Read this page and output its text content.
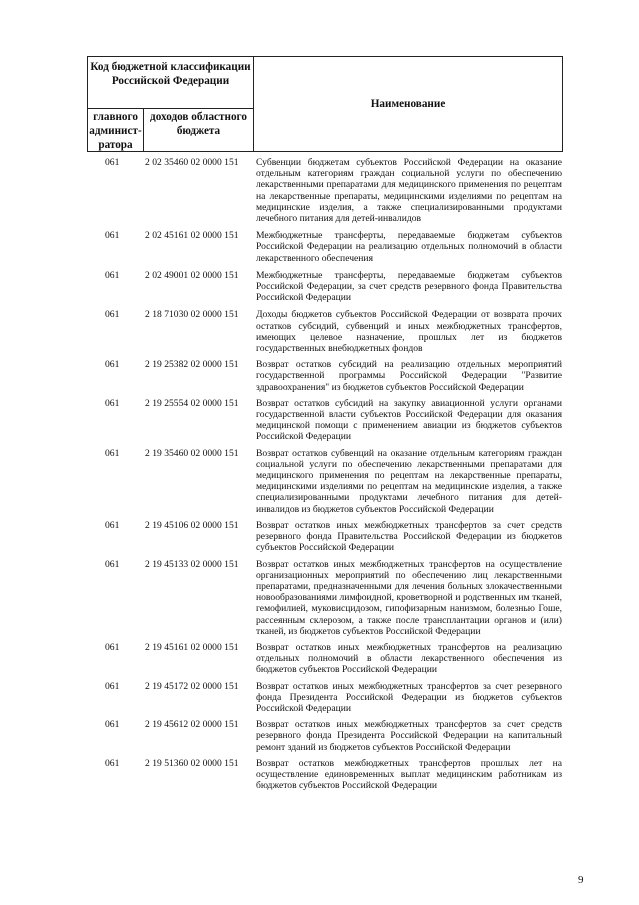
Код бюджетной классификации Российской Федерации
Наименование
главного админист-ратора
доходов областного бюджета
061	2 02 35460 02 0000 151	Субвенции бюджетам субъектов Российской Федерации на оказание отдельным категориям граждан социальной услуги по обеспечению лекарственными препаратами для медицинского применения по рецептам на лекарственные препараты, медицинскими изделиями по рецептам на медицинские изделия, а также специализированными продуктами лечебного питания для детей-инвалидов
061	2 02 45161 02 0000 151	Межбюджетные трансферты, передаваемые бюджетам субъектов Российской Федерации на реализацию отдельных полномочий в области лекарственного обеспечения
061	2 02 49001 02 0000 151	Межбюджетные трансферты, передаваемые бюджетам субъектов Российской Федерации, за счет средств резервного фонда Правительства Российской Федерации
061	2 18 71030 02 0000 151	Доходы бюджетов субъектов Российской Федерации от возврата прочих остатков субсидий, субвенций и иных межбюджетных трансфертов, имеющих целевое назначение, прошлых лет из бюджетов государственных внебюджетных фондов
061	2 19 25382 02 0000 151	Возврат остатков субсидий на реализацию отдельных мероприятий государственной программы Российской Федерации "Развитие здравоохранения" из бюджетов субъектов Российской Федерации
061	2 19 25554 02 0000 151	Возврат остатков субсидий на закупку авиационной услуги органами государственной власти субъектов Российской Федерации для оказания медицинской помощи с применением авиации из бюджетов субъектов Российской Федерации
061	2 19 35460 02 0000 151	Возврат остатков субвенций на оказание отдельным категориям граждан социальной услуги по обеспечению лекарственными препаратами для медицинского применения по рецептам на лекарственные препараты, медицинскими изделиями по рецептам на медицинские изделия, а также специализированными продуктами лечебного питания для детей-инвалидов из бюджетов субъектов Российской Федерации
061	2 19 45106 02 0000 151	Возврат остатков иных межбюджетных трансфертов за счет средств резервного фонда Правительства Российской Федерации из бюджетов субъектов Российской Федерации
061	2 19 45133 02 0000 151	Возврат остатков иных межбюджетных трансфертов на осуществление организационных мероприятий по обеспечению лиц лекарственными препаратами, предназначенными для лечения больных злокачественными новообразованиями лимфоидной, кроветворной и родственных им тканей, гемофилией, муковисцидозом, гипофизарным нанизмом, болезнью Гоше, рассеянным склерозом, а также после трансплантации органов и (или) тканей, из бюджетов субъектов Российской Федерации
061	2 19 45161 02 0000 151	Возврат остатков иных межбюджетных трансфертов на реализацию отдельных полномочий в области лекарственного обеспечения из бюджетов субъектов Российской Федерации
061	2 19 45172 02 0000 151	Возврат остатков иных межбюджетных трансфертов за счет резервного фонда Президента Российской Федерации из бюджетов субъектов Российской Федерации
061	2 19 45612 02 0000 151	Возврат остатков иных межбюджетных трансфертов за счет средств резервного фонда Президента Российской Федерации на капитальный ремонт зданий из бюджетов субъектов Российской Федерации
061	2 19 51360 02 0000 151	Возврат остатков межбюджетных трансфертов прошлых лет на осуществление единовременных выплат медицинским работникам из бюджетов субъектов Российской Федерации
9
